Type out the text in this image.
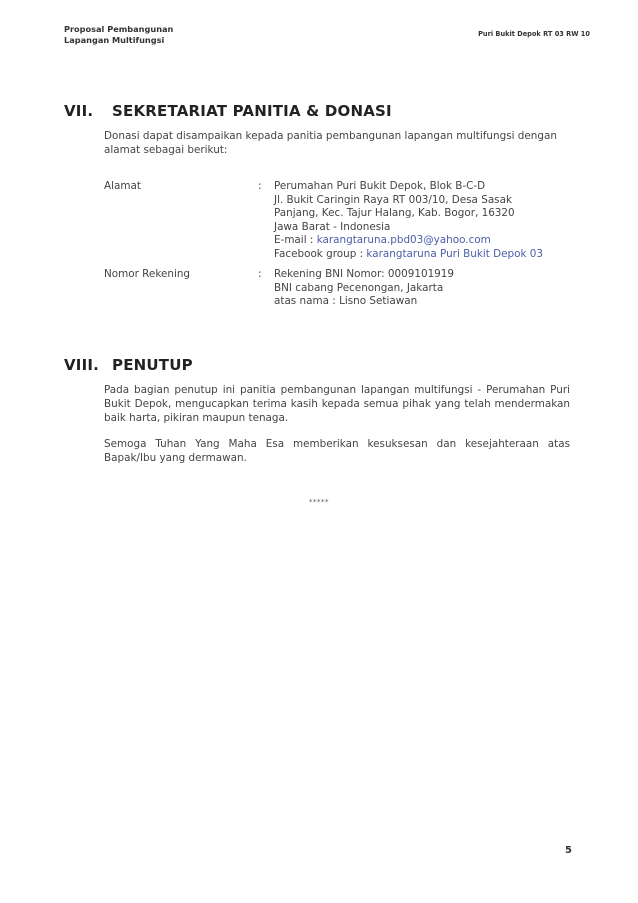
Proposal Pembangunan
Lapangan Multifungsi
Puri Bukit Depok RT 03 RW 10
VII. SEKRETARIAT PANITIA & DONASI
Donasi dapat disampaikan kepada panitia pembangunan lapangan multifungsi dengan alamat sebagai berikut:
Alamat	: Perumahan Puri Bukit Depok, Blok B-C-D
Jl. Bukit Caringin Raya RT 003/10, Desa Sasak
Panjang, Kec. Tajur Halang, Kab. Bogor, 16320
Jawa Barat - Indonesia
E-mail : karangtaruna.pbd03@yahoo.com
Facebook group : karangtaruna Puri Bukit Depok 03
Nomor Rekening	: Rekening BNI Nomor: 0009101919
BNI cabang Pecenongan, Jakarta
atas nama : Lisno Setiawan
VIII. PENUTUP
Pada bagian penutup ini panitia pembangunan lapangan multifungsi - Perumahan Puri Bukit Depok, mengucapkan terima kasih kepada semua pihak yang telah mendermakan baik harta, pikiran maupun tenaga.
Semoga Tuhan Yang Maha Esa memberikan kesuksesan dan kesejahteraan atas Bapak/Ibu yang dermawan.
*****
5
